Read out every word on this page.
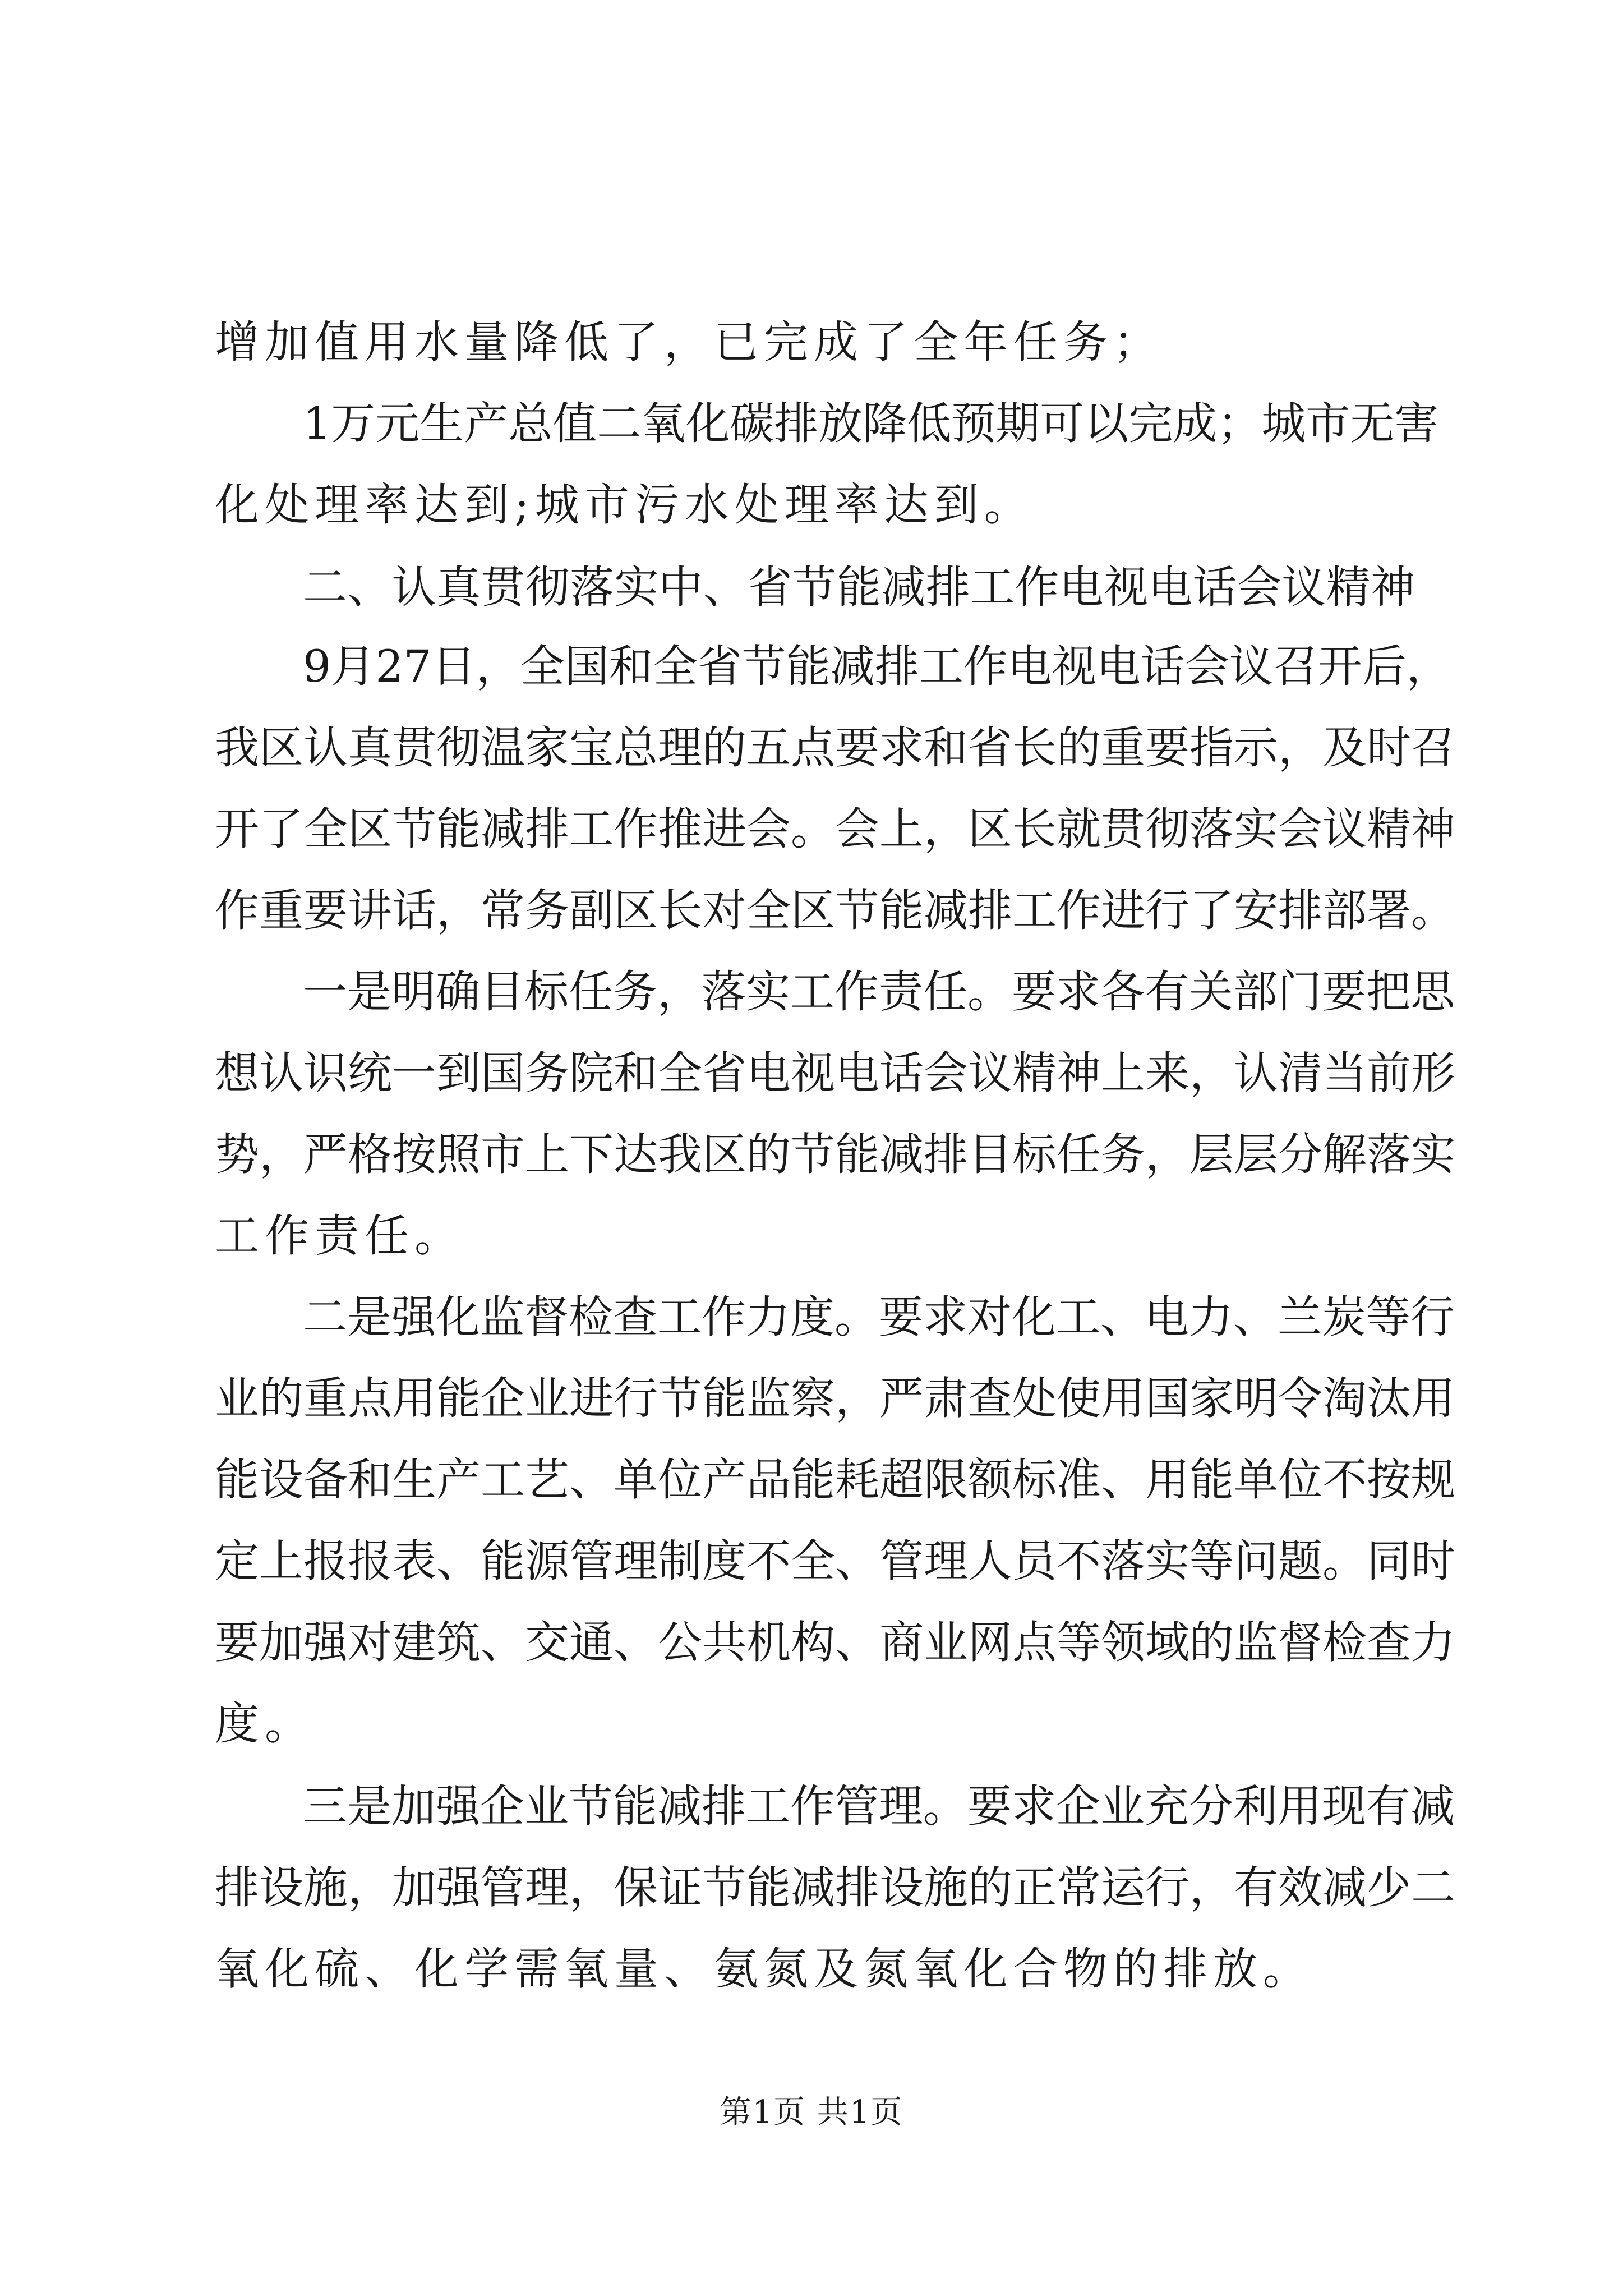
增加值用水量降低了，已完成了全年任务；
1万元生产总值二氧化碳排放降低预期可以完成；城市无害
化处理率达到;城市污水处理率达到。
二、认真贯彻落实中、省节能减排工作电视电话会议精神
9月27日，全国和全省节能减排工作电视电话会议召开后，
我区认真贯彻温家宝总理的五点要求和省长的重要指示，及时召
开了全区节能减排工作推进会。会上，区长就贯彻落实会议精神
作重要讲话，常务副区长对全区节能减排工作进行了安排部署。
一是明确目标任务，落实工作责任。要求各有关部门要把思
想认识统一到国务院和全省电视电话会议精神上来，认清当前形
势，严格按照市上下达我区的节能减排目标任务，层层分解落实
工作责任。
二是强化监督检查工作力度。要求对化工、电力、兰炭等行
业的重点用能企业进行节能监察，严肃查处使用国家明令淘汰用
能设备和生产工艺、单位产品能耗超限额标准、用能单位不按规
定上报报表、能源管理制度不全、管理人员不落实等问题。同时
要加强对建筑、交通、公共机构、商业网点等领域的监督检查力
度。
三是加强企业节能减排工作管理。要求企业充分利用现有减
排设施，加强管理，保证节能减排设施的正常运行，有效减少二
氧化硫、化学需氧量、氨氮及氮氧化合物的排放。
第1页 共1页
